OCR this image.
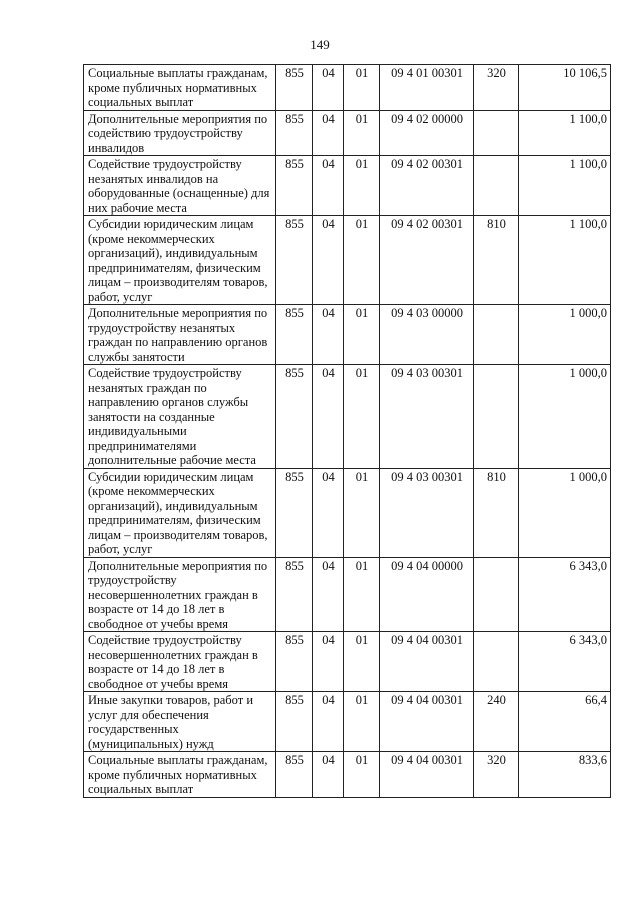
149
Социальные выплаты гражданам, кроме публичных нормативных социальных выплат	855	04	01	09 4 01 00301	320	10 106,5
Дополнительные мероприятия по содействию трудоустройству инвалидов	855	04	01	09 4 02 00000		1 100,0
Содействие трудоустройству незанятых инвалидов на оборудованные (оснащенные) для них рабочие места	855	04	01	09 4 02 00301		1 100,0
Субсидии юридическим лицам (кроме некоммерческих организаций), индивидуальным предпринимателям, физическим лицам – производителям товаров, работ, услуг	855	04	01	09 4 02 00301	810	1 100,0
Дополнительные мероприятия по трудоустройству незанятых граждан по направлению органов службы занятости	855	04	01	09 4 03 00000		1 000,0
Содействие трудоустройству незанятых граждан по направлению органов службы занятости на созданные индивидуальными предпринимателями дополнительные рабочие места	855	04	01	09 4 03 00301		1 000,0
Субсидии юридическим лицам (кроме некоммерческих организаций), индивидуальным предпринимателям, физическим лицам – производителям товаров, работ, услуг	855	04	01	09 4 03 00301	810	1 000,0
Дополнительные мероприятия по трудоустройству несовершеннолетних граждан в возрасте от 14 до 18 лет в свободное от учебы время	855	04	01	09 4 04 00000		6 343,0
Содействие трудоустройству несовершеннолетних граждан в возрасте от 14 до 18 лет в свободное от учебы время	855	04	01	09 4 04 00301		6 343,0
Иные закупки товаров, работ и услуг для обеспечения государственных (муниципальных) нужд	855	04	01	09 4 04 00301	240	66,4
Социальные выплаты гражданам, кроме публичных нормативных социальных выплат	855	04	01	09 4 04 00301	320	833,6
